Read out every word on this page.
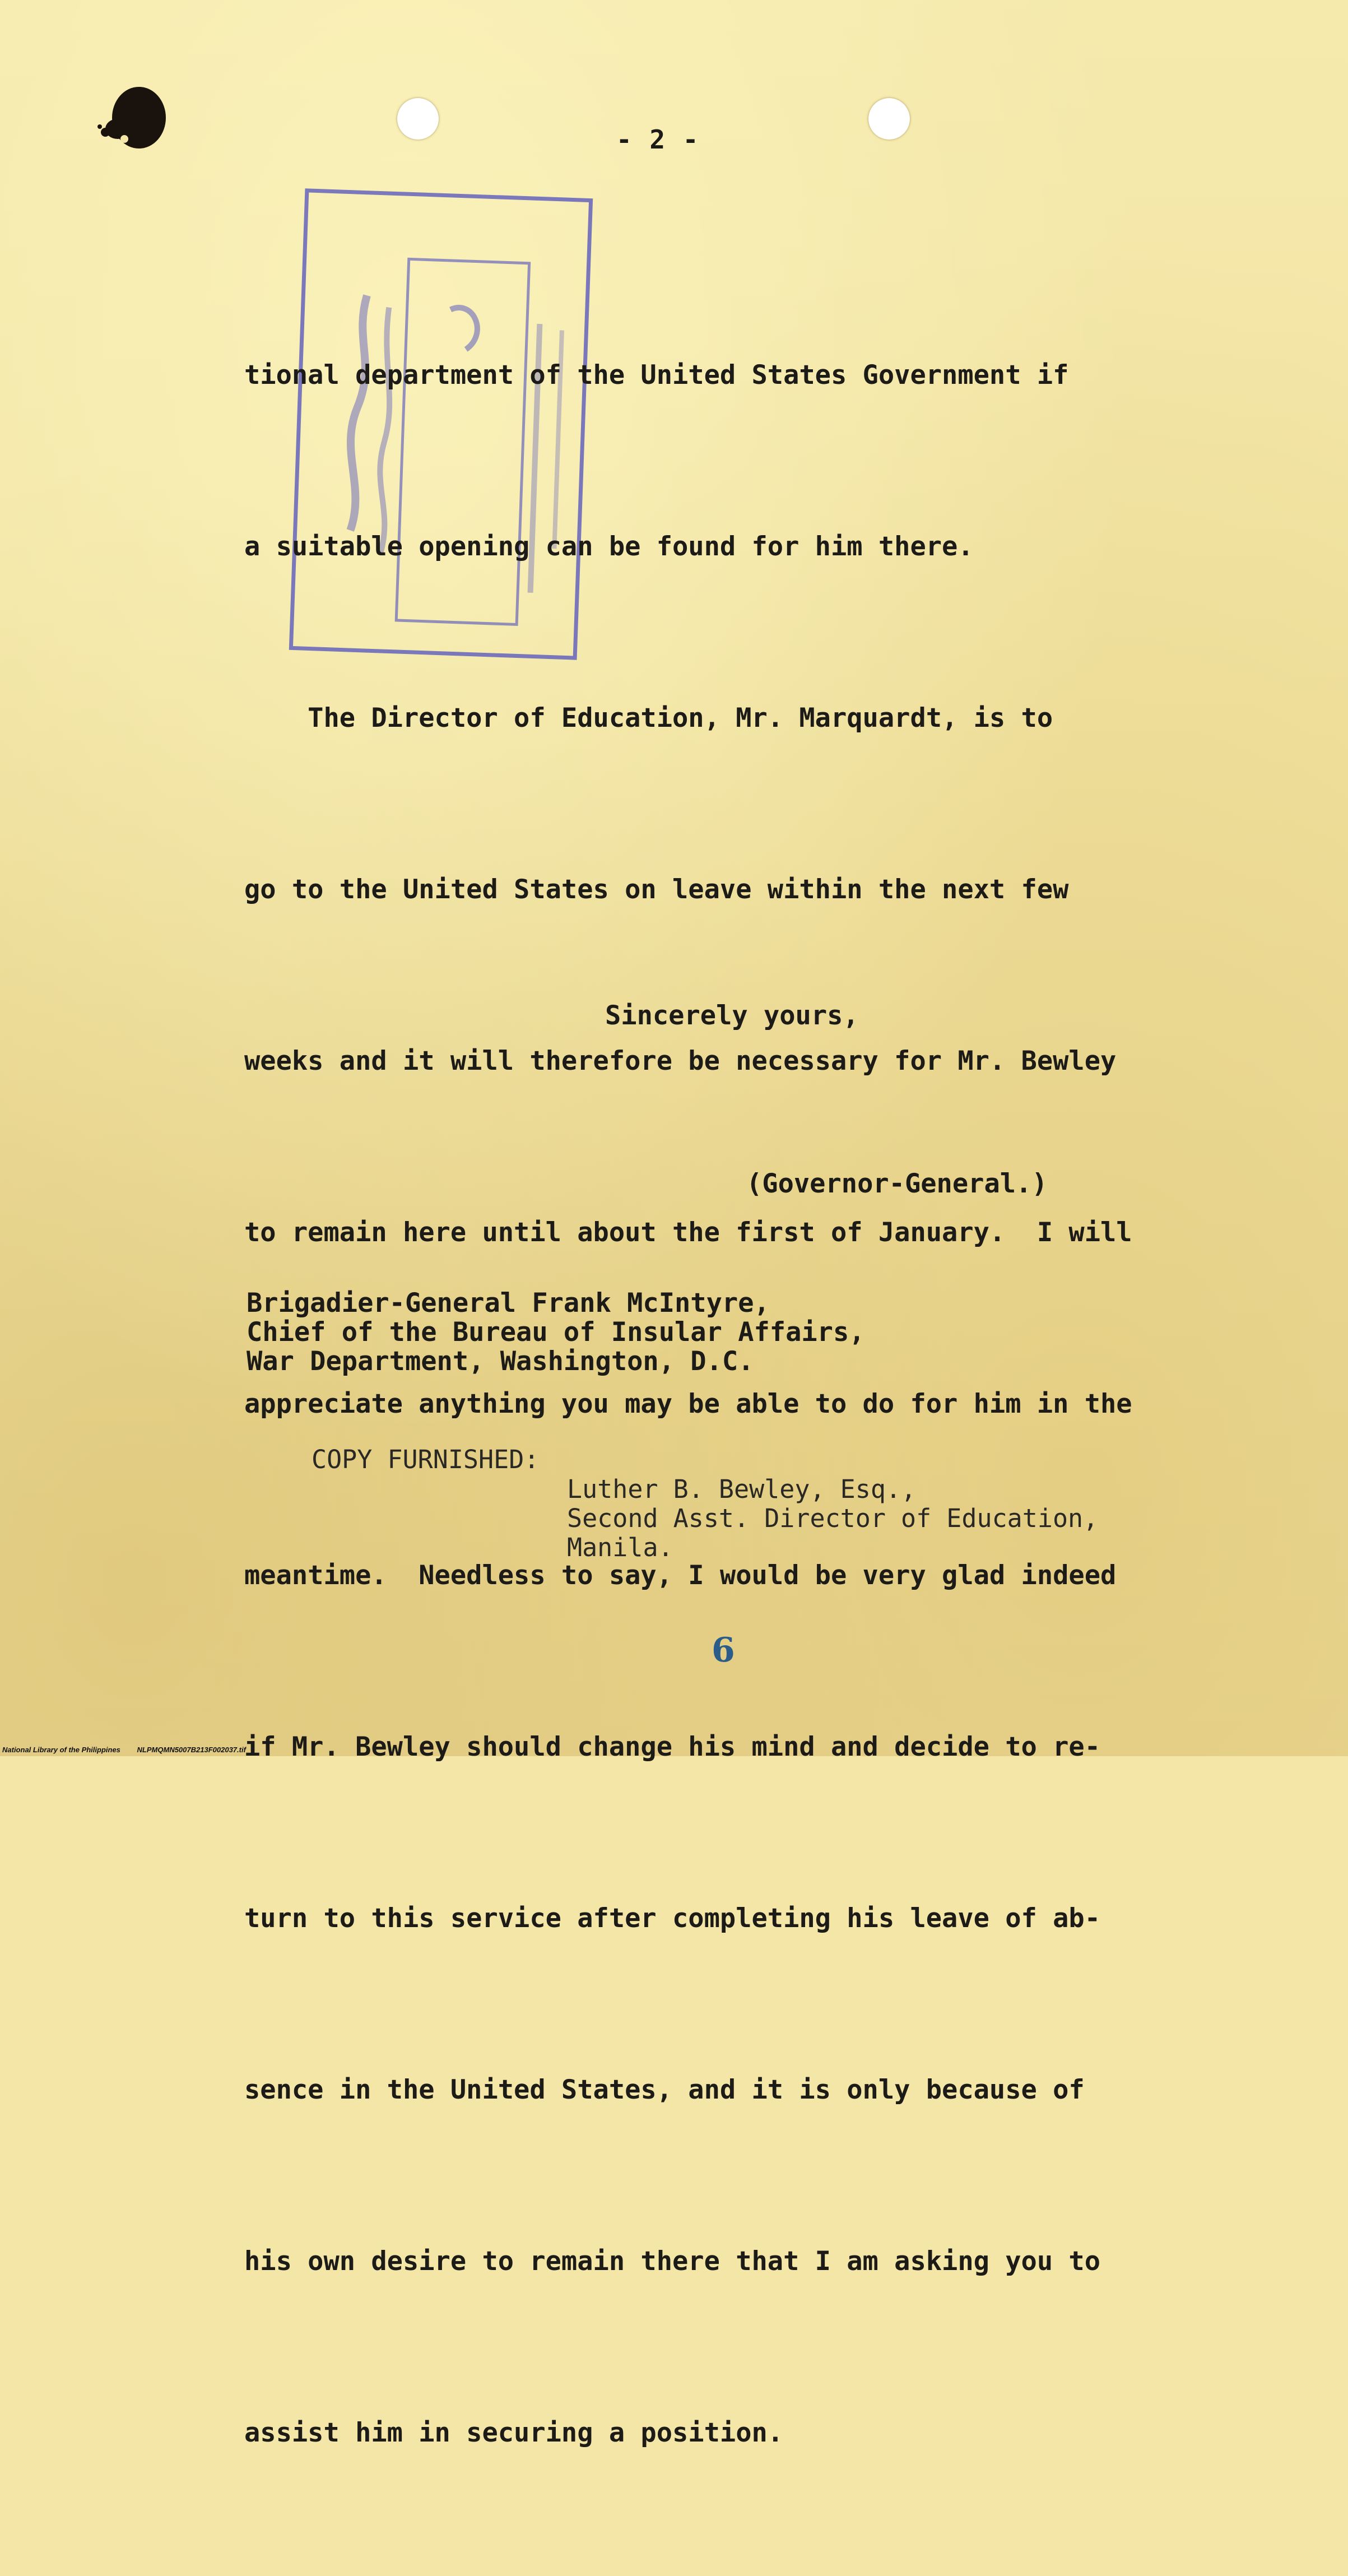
- 2 -

tional department of the United States Government if

a suitable opening can be found for him there.

The Director of Education, Mr. Marquardt, is to

go to the United States on leave within the next few

weeks and it will therefore be necessary for Mr. Bewley

to remain here until about the first of January.  I will

appreciate anything you may be able to do for him in the

meantime.  Needless to say, I would be very glad indeed

if Mr. Bewley should change his mind and decide to re-

turn to this service after completing his leave of ab-

sence in the United States, and it is only because of

his own desire to remain there that I am asking you to

assist him in securing a position.

Sincerely yours,
(Governor-General.)
Brigadier-General Frank McIntyre,
Chief of the Bureau of Insular Affairs,
War Department, Washington, D.C.
COPY FURNISHED:
Luther B. Bewley, Esq.,
Second Asst. Director of Education,
Manila.
6
National Library of the Philippines NLPMQMN5007B213F002037.tif
